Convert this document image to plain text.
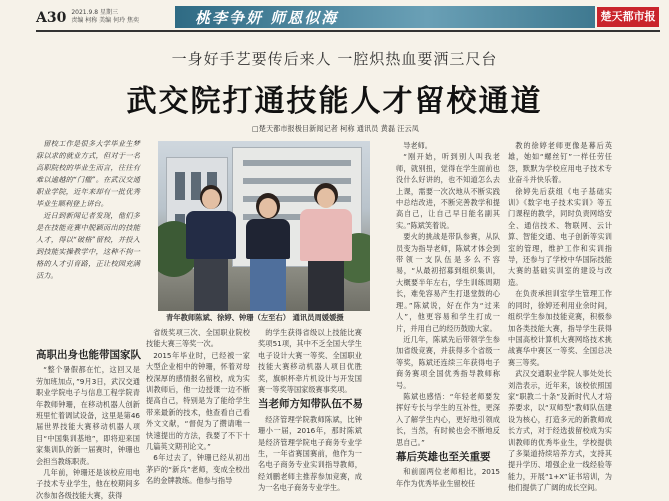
A30 2021.9.8 星期三
责编 柯称 美编 何玲 焦奕	桃李争妍 师恩似海	楚天都市报
一身好手艺要传后来人 一腔炽热血要洒三尺台
武交院打通技能人才留校通道
□楚天都市报极目新闻记者 柯称 通讯员 黄磊 汪云凤

留校工作是很多大学毕业生梦寐以求的就业方式，但对于一名高职院校的毕业生而言，往往有难以逾越的“门槛”。在武汉交通职业学院，近年来却有一批优秀毕业生顺利登上讲台。

近日到新闻记者发现，他们多是在技能竞赛中脱颖而出的技能人才，得以“破格”留校，并投入到技能实操教学中，这种不拘一格的人才引育路，正让校园充满活力。

高职出身也能带国家队

“整个暑假都在忙，这回又是劳加班加点，”9月3日，武汉交通职业学院电子与信息工程学院青年教师钟珊，在移动机器人创新班里忙着调试设备，这里是第46届世界技能大赛移动机器人项目“中国集训基地”，即将迎来国家集训队的新一届赛时，钟珊也会担当教练职责。

几年前，钟珊还是该校应用电子技术专业学生，他在校期间多次参加各级技能大赛，获得

青年教师陈斌、徐婷、钟珊（左至右） 通讯员周媛媛摄

省级奖项三次、全国职业院校技能大赛三等奖一次。

2015年毕业时，已经被一家大型企业相中的钟珊，怀着对母校深厚的感情报名留校，成为实训教师后，他一边授课一边不断提高自己，特别是为了能给学生带来最新的技术，他查看自己看外文文献，“督促为了攒请唯一快速提出的方法，我要了不下十几篇英文期刊论文。”

6年过去了，钟珊已经从初出茅庐的“新兵”老师，变成全校出名的金牌教练。他参与指导

的学生获得省级以上技能比赛奖项51项，其中不乏全国大学生电子设计大赛一等奖、全国职业技能大赛移动机器人项目优胜奖，旗帜杯牵片机设计与开发国赛一等奖等国家级赛事奖项。

当老师方知带队伍不易

经济管理学院教师陈斌，比钟珊小一届，2016年，那时陈斌是经济管理学院电子商务专业学生，一年省赛国赛前，他作为一名电子商务专业实训指导教师，经刘鹏老师主推荐参加竞赛，成为一名电子商务专业学生。

导老师。

“刚开始，听到别人叫我老师，就别扭，觉得在学生面前也没什么好讲的，也不知道怎么去上课，需要一次次地从不断实践中总结改进，不断完善教学和提高自己，让自己早日能名副其实。”陈斌笑着说。

要火的挑战是带队参赛，从队员变为指导老师，陈斌才体会到带领一支队伍是多么不容易，“从最初招募到组织集训，大概要半年左右，学生训练周期长，难免容易产生打退堂鼓的心理。”陈斌说，好在作为“过来人”，他更容易和学生打成一片，并用自己的经历鼓励大家。

近几年，陈斌先后带领学生参加省级竞赛，并获得多个省级一等奖，陈斌还连续三年获得电子商务赛项全国优秀指导教师称号。

陈斌也感悟：“年轻老师要发挥好专长与学生的互补性，更深入了解学生内心，更好地引领成长，当然，有时候也会不断地反思自己。”

幕后英雄也至关重要

和前面两位老师相比，2015年作为优秀毕业生留校任

教的徐婷老师更像是幕后英雄，她如“螺丝钉”一样任劳任怨，默默为学校应用电子技术专业奋斗并快乐着。

徐婷先后获组《电子基础实训》《数字电子技术实训》等五门课程的教学，同时负责网络安全、通信技术、物联网、云计算、智能交通、电子创新等实训室的管理，维护工作和实训指导，还参与了学校中华国际技能大赛的基础实训室的建设与改造。

在负责承担训室学生管理工作的同时，徐婷还利用业余时间，组织学生参加技能竞赛，积极参加各类技能大赛，指导学生获得中国高校计算机大赛网络技术挑战赛华中赛区一等奖、全国总决赛三等奖。

武汉交通职业学院人事处处长刘浩表示，近年来，该校依照国家“职教二十条”及新时代人才培养要求，以“双师型”教师队伍建设为核心，打造多元的新教师成长方式，对于经选拔留校成为实训教师的优秀毕业生，学校提供了多渠道持续培养方式，支持其提升学历、增强企业一线经验等能力，开展“1+X”证书培训，为他们提供了广阔的成长空间。
